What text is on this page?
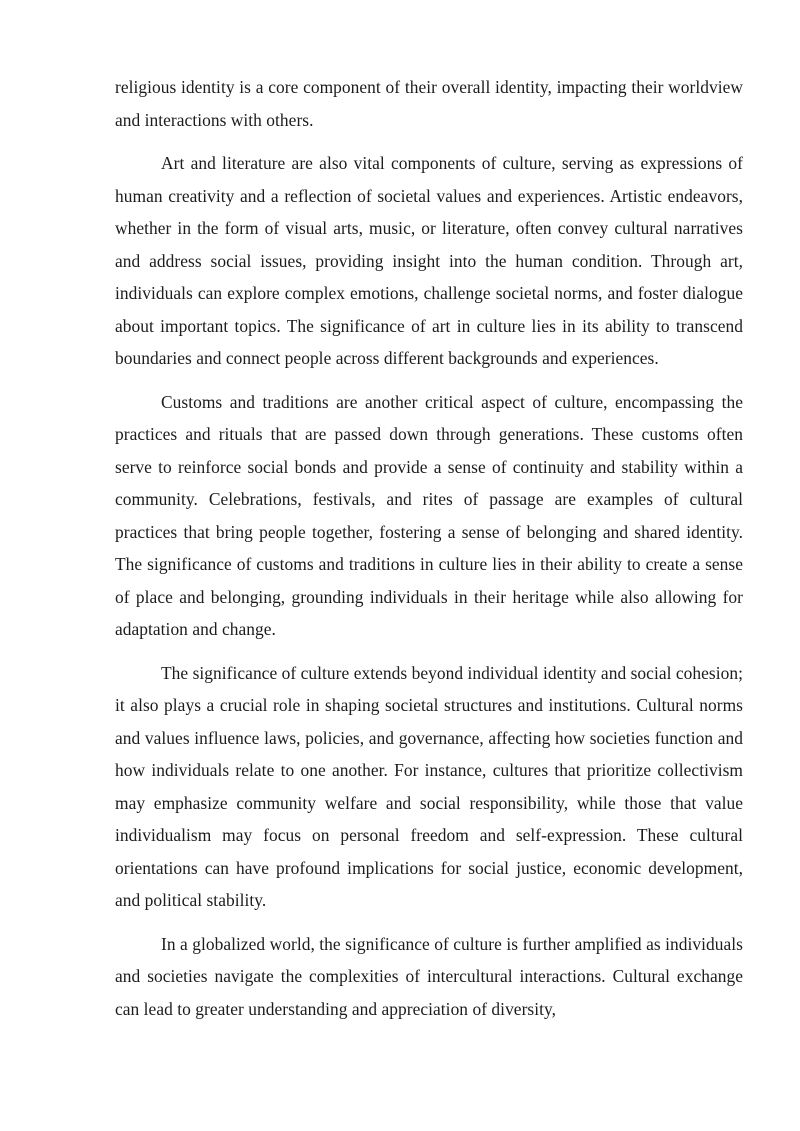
religious identity is a core component of their overall identity, impacting their worldview and interactions with others.

Art and literature are also vital components of culture, serving as expressions of human creativity and a reflection of societal values and experiences. Artistic endeavors, whether in the form of visual arts, music, or literature, often convey cultural narratives and address social issues, providing insight into the human condition. Through art, individuals can explore complex emotions, challenge societal norms, and foster dialogue about important topics. The significance of art in culture lies in its ability to transcend boundaries and connect people across different backgrounds and experiences.

Customs and traditions are another critical aspect of culture, encompassing the practices and rituals that are passed down through generations. These customs often serve to reinforce social bonds and provide a sense of continuity and stability within a community. Celebrations, festivals, and rites of passage are examples of cultural practices that bring people together, fostering a sense of belonging and shared identity. The significance of customs and traditions in culture lies in their ability to create a sense of place and belonging, grounding individuals in their heritage while also allowing for adaptation and change.

The significance of culture extends beyond individual identity and social cohesion; it also plays a crucial role in shaping societal structures and institutions. Cultural norms and values influence laws, policies, and governance, affecting how societies function and how individuals relate to one another. For instance, cultures that prioritize collectivism may emphasize community welfare and social responsibility, while those that value individualism may focus on personal freedom and self-expression. These cultural orientations can have profound implications for social justice, economic development, and political stability.

In a globalized world, the significance of culture is further amplified as individuals and societies navigate the complexities of intercultural interactions. Cultural exchange can lead to greater understanding and appreciation of diversity,
